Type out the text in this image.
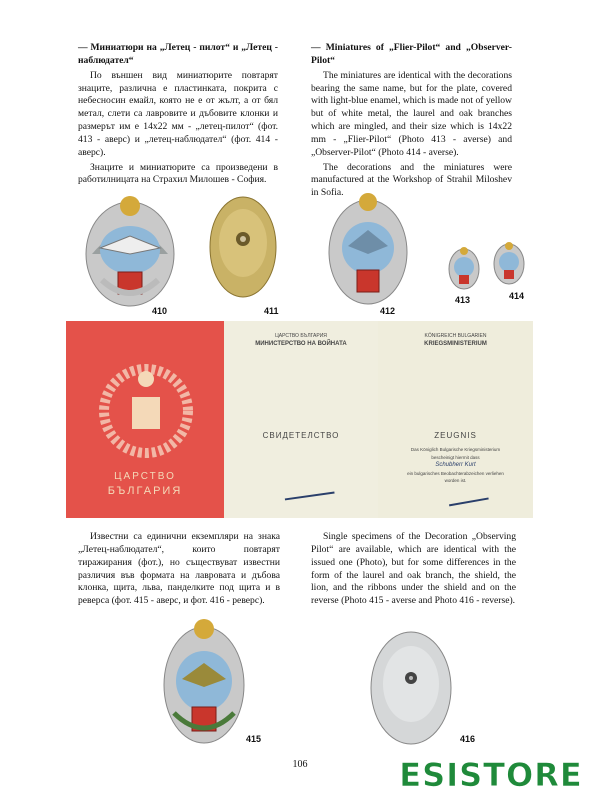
— Миниатюри на „Летец - пилот“ и „Летец - наблюдател“

По външен вид миниатюрите повтарят знаците, различна е пластинката, покрита с небесносин емайл, която не е от жълт, а от бял метал, слети са лавровите и дъбовите клонки и размерът им е 14х22 мм - „летец-пилот“ (фот. 413 - аверс) и „летец-наблюдател“ (фот. 414 - аверс).

Знаците и миниатюрите са произведени в работилницата на Страхил Милошев - София.

— Miniatures of „Flier-Pilot“ and „Observer-Pilot“

The miniatures are identical with the decorations bearing the same name, but for the plate, covered with light-blue enamel, which is made not of yellow but of white metal, the laurel and oak branches which are mingled, and their size which is 14x22 mm - „Flier-Pilot“ (Photo 413 - averse) and „Observer-Pilot“ (Photo 414 - averse).

The decorations and the miniatures were manufactured at the Workshop of Strahil Miloshev in Sofia.

410	411	412
413	414
ЦАРСТВО
БЪЛГАРИЯ
ЦАРСТВО БЪЛГАРИЯ
МИНИСТЕРСТВО НА ВОЙНАТА
СВИДЕТЕЛСТВО
KÖNIGREICH BULGARIEN
KRIEGSMINISTERIUM
ZEUGNIS
Das Königlich Bulgarische Kriegsministerium
bescheinigt hiermit dass
Schubherr Kurt
ein bulgarisches Beobachterabzeichen verliehen
worden ist.

Известни са единични екземпляри на знака „Летец-наблюдател“, които повтарят тиражирания (фот.), но съществуват известни различия във формата на лавровата и дъбова клонка, щита, льва, панделките под щита и в реверса (фот. 415 - аверс, и фот. 416 - реверс).

Single specimens of the Decoration „Observing Pilot“ are available, which are identical with the issued one (Photo), but for some differences in the form of the laurel and oak branch, the shield, the lion, and the ribbons under the shield and on the reverse (Photo 415 - averse and Photo 416 - reverse).

415	416
106	ESISTORE
